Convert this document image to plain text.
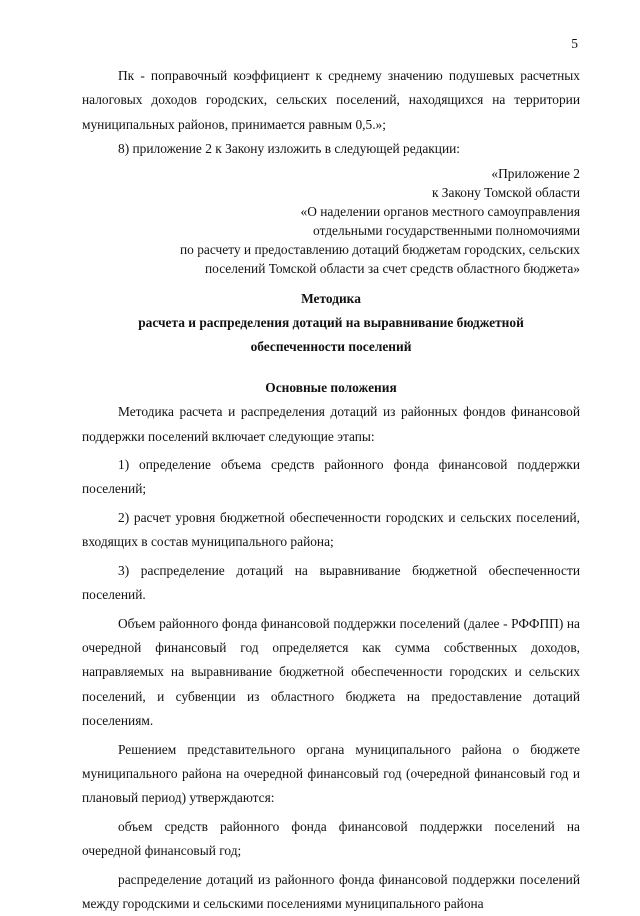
5

Пк - поправочный коэффициент к среднему значению подушевых расчетных налоговых доходов городских, сельских поселений, находящихся на территории муниципальных районов, принимается равным 0,5.»;

8) приложение 2 к Закону изложить в следующей редакции:

«Приложение 2
к Закону Томской области
«О наделении органов местного самоуправления
отдельными государственными полномочиями
по расчету и предоставлению дотаций бюджетам городских, сельских
поселений Томской области за счет средств областного бюджета»
Методика
расчета и распределения дотаций на выравнивание бюджетной
обеспеченности поселений
Основные положения

Методика расчета и распределения дотаций из районных фондов финансовой поддержки поселений включает следующие этапы:

1) определение объема средств районного фонда финансовой поддержки поселений;

2) расчет уровня бюджетной обеспеченности городских и сельских поселений, входящих в состав муниципального района;

3) распределение дотаций на выравнивание бюджетной обеспеченности поселений.

Объем районного фонда финансовой поддержки поселений (далее - РФФПП) на очередной финансовый год определяется как сумма собственных доходов, направляемых на выравнивание бюджетной обеспеченности городских и сельских поселений, и субвенции из областного бюджета на предоставление дотаций поселениям.

Решением представительного органа муниципального района о бюджете муниципального района на очередной финансовый год (очередной финансовый год и плановый период) утверждаются:

объем средств районного фонда финансовой поддержки поселений на очередной финансовый год;

распределение дотаций из районного фонда финансовой поддержки поселений между городскими и сельскими поселениями муниципального района
